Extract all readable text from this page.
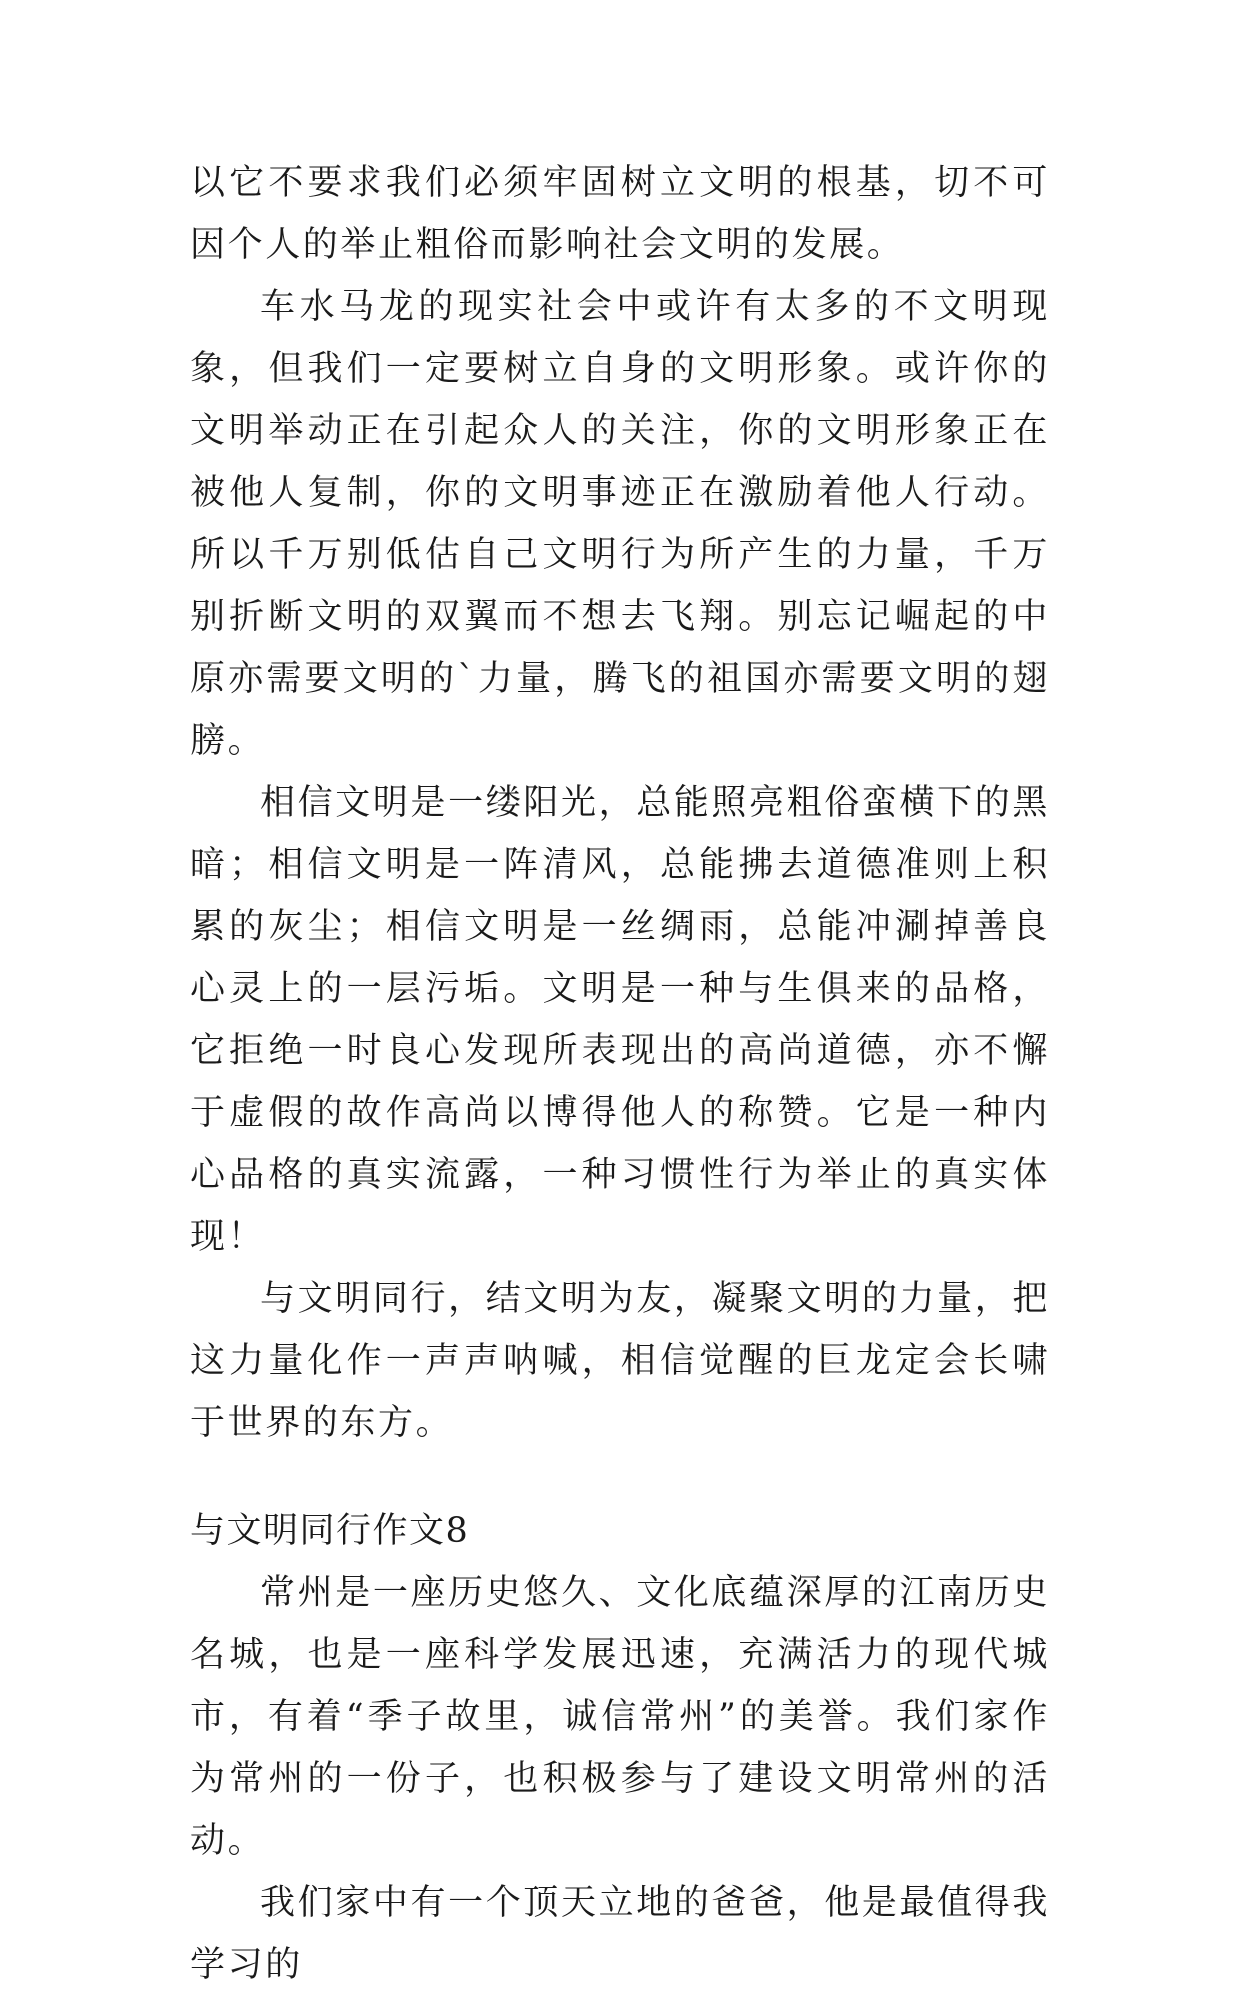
以它不要求我们必须牢固树立文明的根基，切不可因个人的举止粗俗而影响社会文明的发展。

车水马龙的现实社会中或许有太多的不文明现象，但我们一定要树立自身的文明形象。或许你的文明举动正在引起众人的关注，你的文明形象正在被他人复制，你的文明事迹正在激励着他人行动。所以千万别低估自己文明行为所产生的力量，千万别折断文明的双翼而不想去飞翔。别忘记崛起的中原亦需要文明的`力量，腾飞的祖国亦需要文明的翅膀。

相信文明是一缕阳光，总能照亮粗俗蛮横下的黑暗；相信文明是一阵清风，总能拂去道德准则上积累的灰尘；相信文明是一丝绸雨，总能冲涮掉善良心灵上的一层污垢。文明是一种与生俱来的品格，它拒绝一时良心发现所表现出的高尚道德，亦不懈于虚假的故作高尚以博得他人的称赞。它是一种内心品格的真实流露，一种习惯性行为举止的真实体现！

与文明同行，结文明为友，凝聚文明的力量，把这力量化作一声声呐喊，相信觉醒的巨龙定会长啸于世界的东方。

与文明同行作文8

常州是一座历史悠久、文化底蕴深厚的江南历史名城，也是一座科学发展迅速，充满活力的现代城市，有着“季子故里，诚信常州”的美誉。我们家作为常州的一份子，也积极参与了建设文明常州的活动。

我们家中有一个顶天立地的爸爸，他是最值得我学习的
